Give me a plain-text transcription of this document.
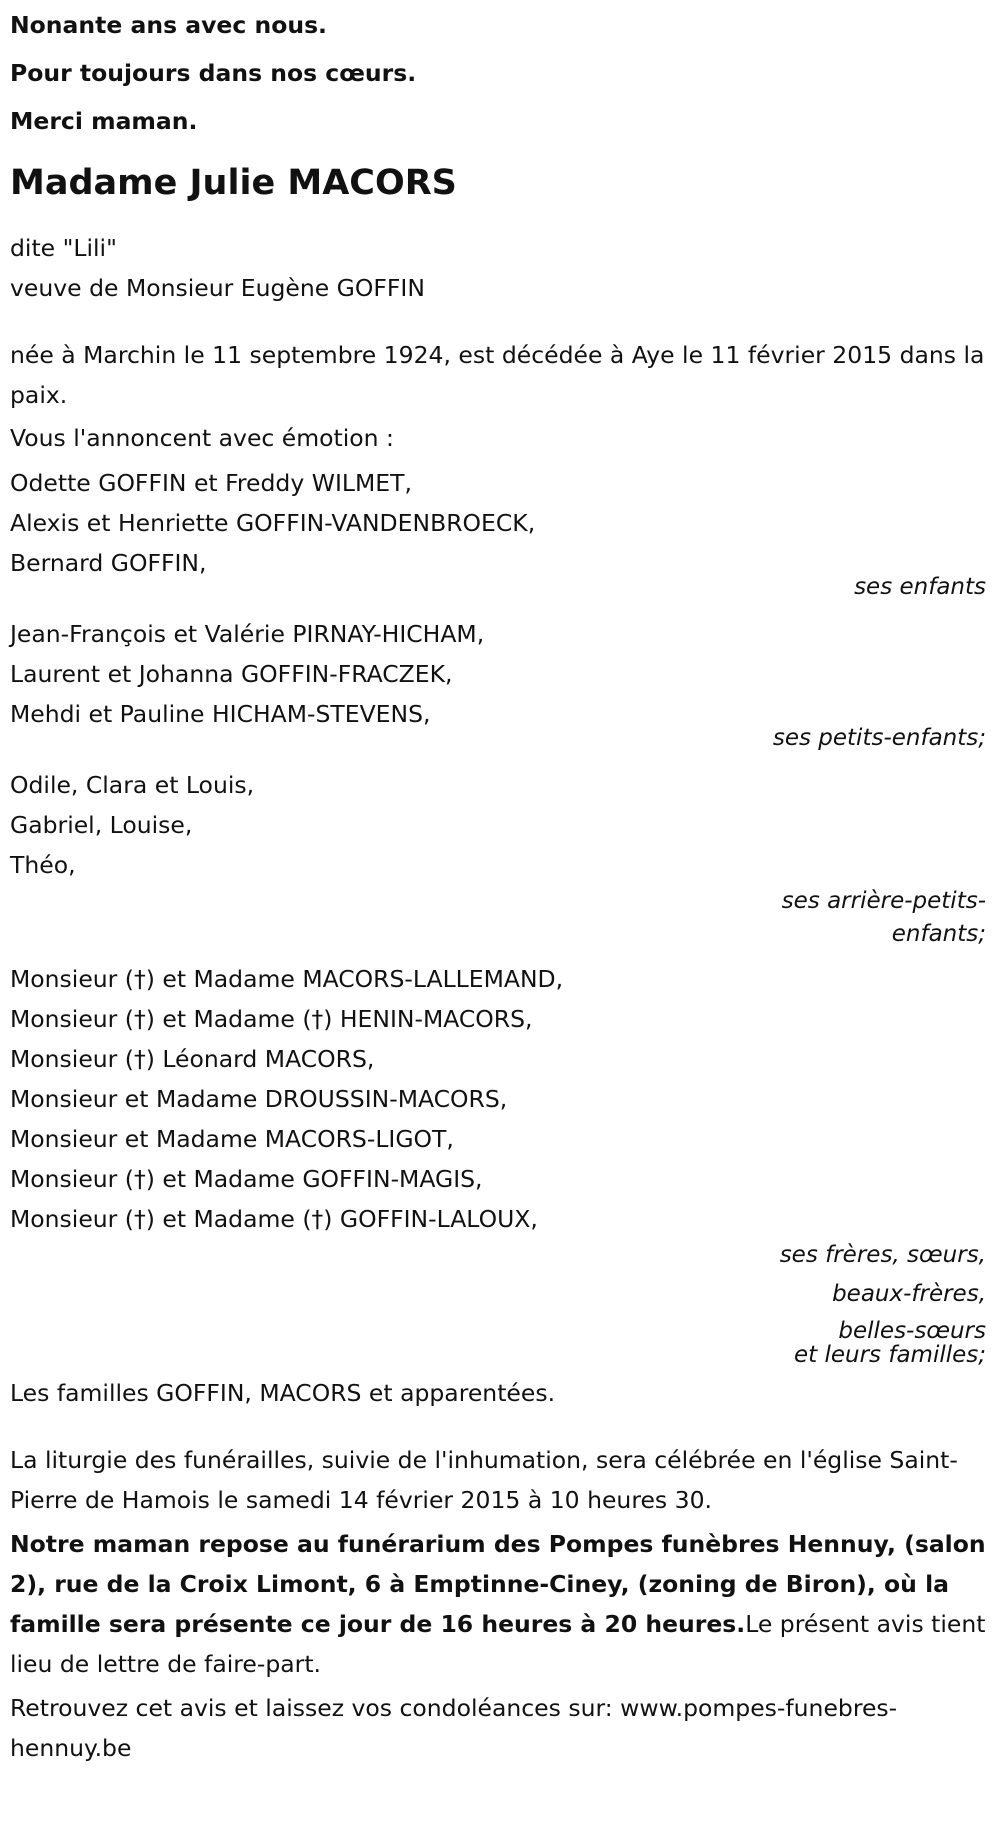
Nonante ans avec nous.
Pour toujours dans nos cœurs.
Merci maman.
Madame Julie MACORS
dite "Lili"
veuve de Monsieur Eugène GOFFIN
née à Marchin le 11 septembre 1924, est décédée à Aye le 11 février 2015 dans la paix.
Vous l'annoncent avec émotion :
Odette GOFFIN et Freddy WILMET,
Alexis et Henriette GOFFIN-VANDENBROECK,
Bernard GOFFIN,
ses enfants
Jean-François et Valérie PIRNAY-HICHAM,
Laurent et Johanna GOFFIN-FRACZEK,
Mehdi et Pauline HICHAM-STEVENS,
ses petits-enfants;
Odile, Clara et Louis,
Gabriel, Louise,
Théo,
ses arrière-petits-
enfants;
Monsieur (†) et Madame MACORS-LALLEMAND,
Monsieur (†) et Madame (†) HENIN-MACORS,
Monsieur (†) Léonard MACORS,
Monsieur et Madame DROUSSIN-MACORS,
Monsieur et Madame MACORS-LIGOT,
Monsieur (†) et Madame GOFFIN-MAGIS,
Monsieur (†) et Madame (†) GOFFIN-LALOUX,
ses frères, sœurs,
beaux-frères,
belles-sœurs
et leurs familles;
Les familles GOFFIN, MACORS et apparentées.
La liturgie des funérailles, suivie de l'inhumation, sera célébrée en l'église Saint-Pierre de Hamois le samedi 14 février 2015 à 10 heures 30.
Notre maman repose au funérarium des Pompes funèbres Hennuy, (salon 2), rue de la Croix Limont, 6 à Emptinne-Ciney, (zoning de Biron), où la famille sera présente ce jour de 16 heures à 20 heures.Le présent avis tient lieu de lettre de faire-part.
Retrouvez cet avis et laissez vos condoléances sur: www.pompes-funebres-hennuy.be
